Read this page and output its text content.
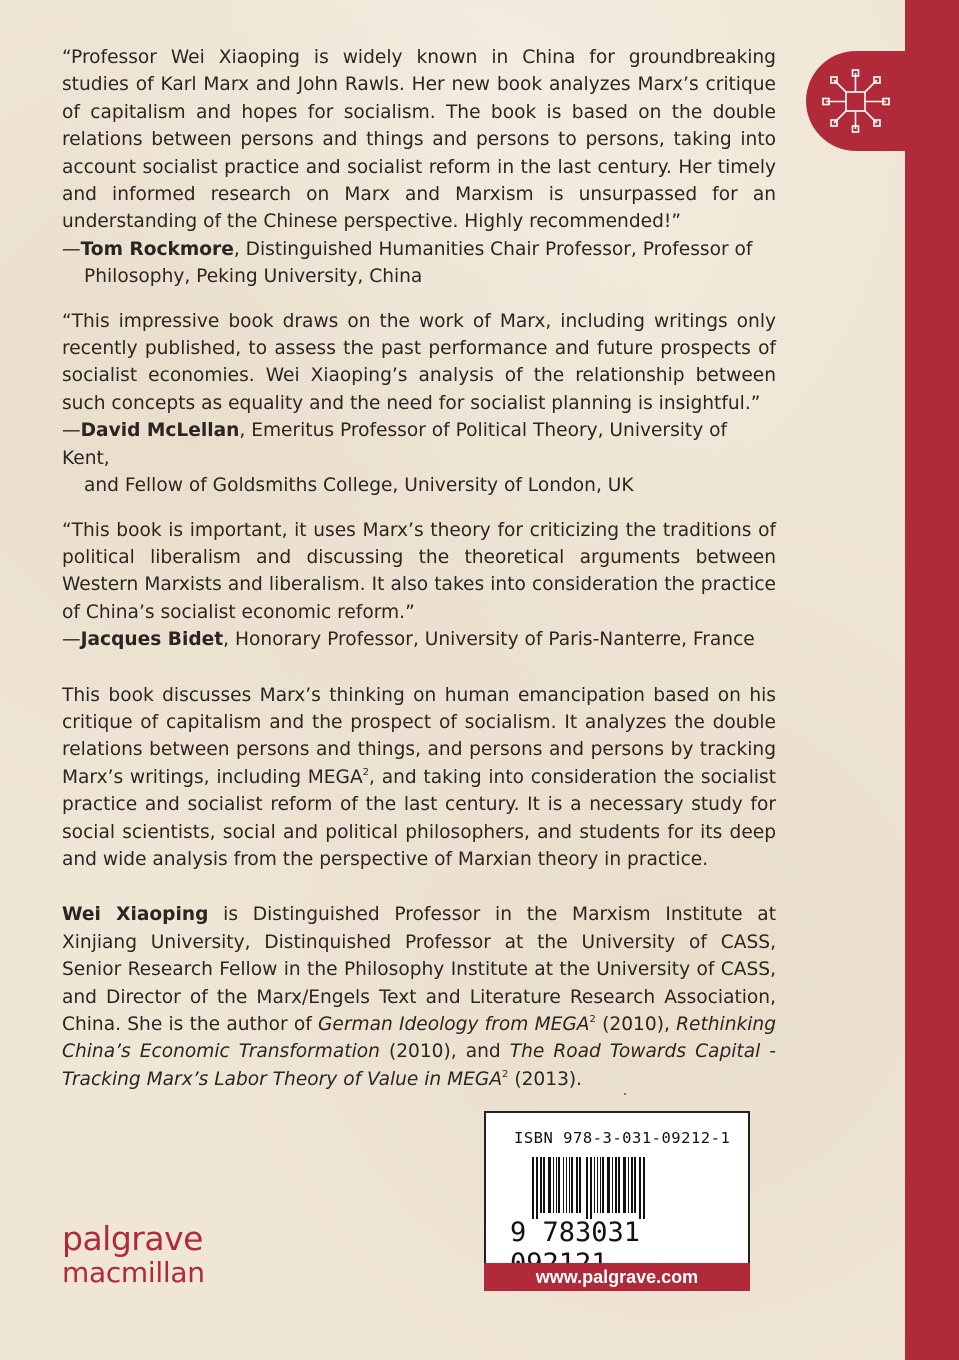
“Professor Wei Xiaoping is widely known in China for groundbreaking studies of Karl Marx and John Rawls. Her new book analyzes Marx’s critique of capitalism and hopes for socialism. The book is based on the double relations between persons and things and persons to persons, taking into account socialist practice and socialist reform in the last century. Her timely and informed research on Marx and Marxism is unsurpassed for an understanding of the Chinese perspective. Highly recommended!”

—Tom Rockmore, Distinguished Humanities Chair Professor, Professor of
Philosophy, Peking University, China

“This impressive book draws on the work of Marx, including writings only recently published, to assess the past performance and future prospects of socialist economies. Wei Xiaoping’s analysis of the relationship between such concepts as equality and the need for socialist planning is insightful.”

—David McLellan, Emeritus Professor of Political Theory, University of Kent,
and Fellow of Goldsmiths College, University of London, UK

“This book is important, it uses Marx’s theory for criticizing the traditions of political liberalism and discussing the theoretical arguments between Western Marxists and liberalism. It also takes into consideration the practice of China’s socialist economic reform.”

—Jacques Bidet, Honorary Professor, University of Paris-Nanterre, France

This book discusses Marx’s thinking on human emancipation based on his critique of capitalism and the prospect of socialism. It analyzes the double relations between persons and things, and persons and persons by tracking Marx’s writings, including MEGA$^2$, and taking into consideration the socialist practice and socialist reform of the last century. It is a necessary study for social scientists, social and political philosophers, and students for its deep and wide analysis from the perspective of Marxian theory in practice.

Wei Xiaoping is Distinguished Professor in the Marxism Institute at Xinjiang University, Distinquished Professor at the University of CASS, Senior Research Fellow in the Philosophy Institute at the University of CASS, and Director of the Marx/Engels Text and Literature Research Association, China. She is the author of German Ideology from MEGA$^2$ (2010), Rethinking China’s Economic Transformation (2010), and The Road Towards Capital - Tracking Marx’s Labor Theory of Value in MEGA$^2$ (2013).

palgrave
macmillan
ISBN 978-3-031-09212-1
9 783031
www.palgrave.com
